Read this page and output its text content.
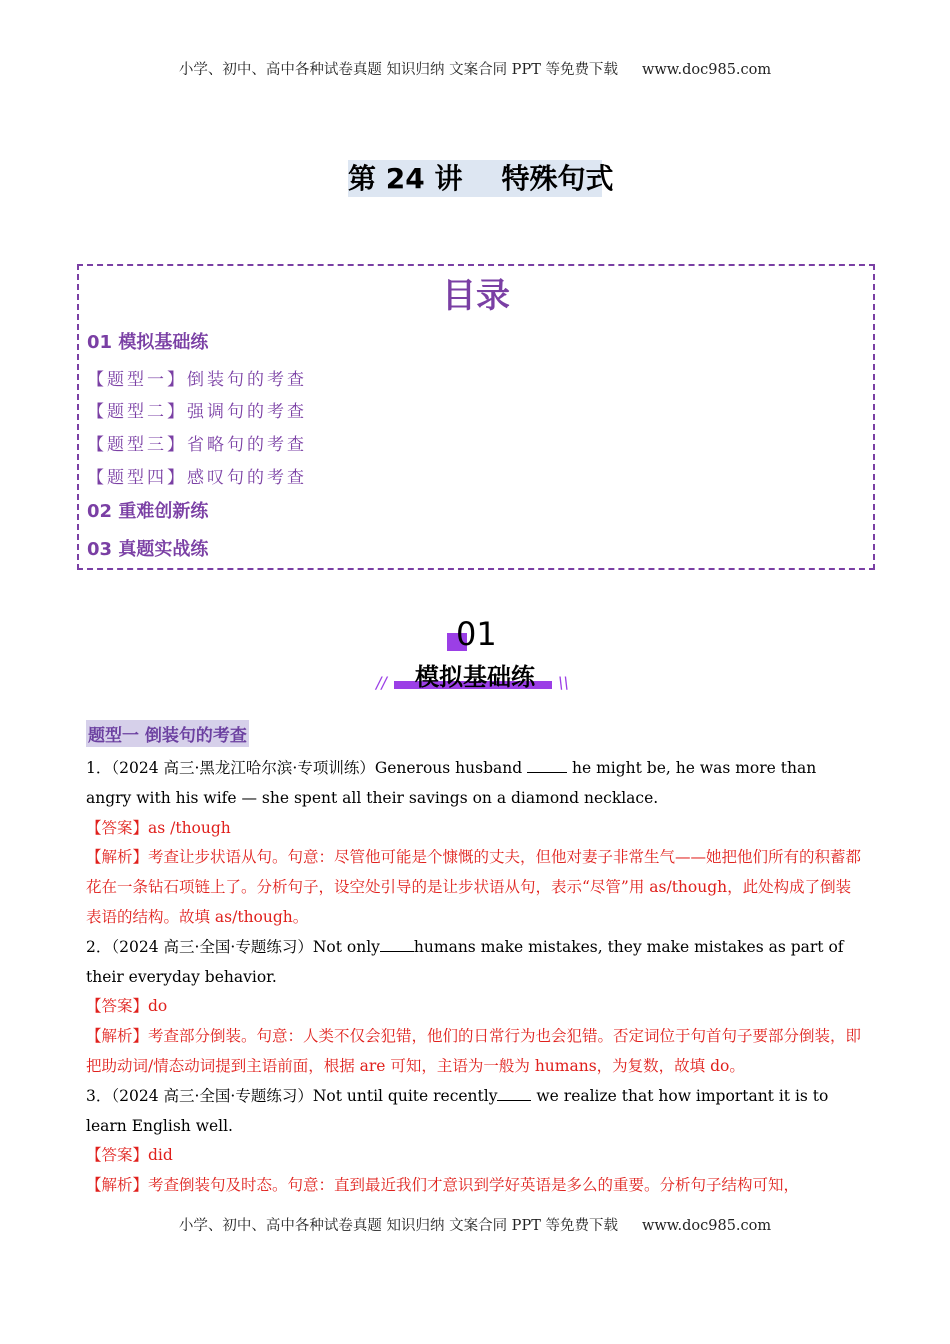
小学、初中、高中各种试卷真题 知识归纳 文案合同 PPT 等免费下载 www.doc985.com
第 24 讲    特殊句式
目录
01 模拟基础练
【题型一】倒装句的考查
【题型二】强调句的考查
【题型三】省略句的考查
【题型四】感叹句的考查
02 重难创新练
03 真题实战练
01
模拟基础练
//	\\
题型一 倒装句的考查

1．（2024 高三·黑龙江哈尔滨·专项训练）Generous husband	he might be, he was more than angry with his wife — she spent all their savings on a diamond necklace.

【答案】as /though

【解析】考查让步状语从句。句意：尽管他可能是个慷慨的丈夫，但他对妻子非常生气——她把他们所有的积蓄都花在一条钻石项链上了。分析句子，设空处引导的是让步状语从句，表示“尽管”用 as/though，此处构成了倒装表语的结构。故填 as/though。

2．（2024 高三·全国·专题练习）Not only humans make mistakes, they make mistakes as part of their everyday behavior.

【答案】do

【解析】考查部分倒装。句意：人类不仅会犯错，他们的日常行为也会犯错。否定词位于句首句子要部分倒装，即把助动词/情态动词提到主语前面，根据 are 可知，主语为一般为 humans，为复数，故填 do。

3．（2024 高三·全国·专题练习）Not until quite recently we realize that how important it is to learn English well.

【答案】did

【解析】考查倒装句及时态。句意：直到最近我们才意识到学好英语是多么的重要。分析句子结构可知，

小学、初中、高中各种试卷真题 知识归纳 文案合同 PPT 等免费下载 www.doc985.com
